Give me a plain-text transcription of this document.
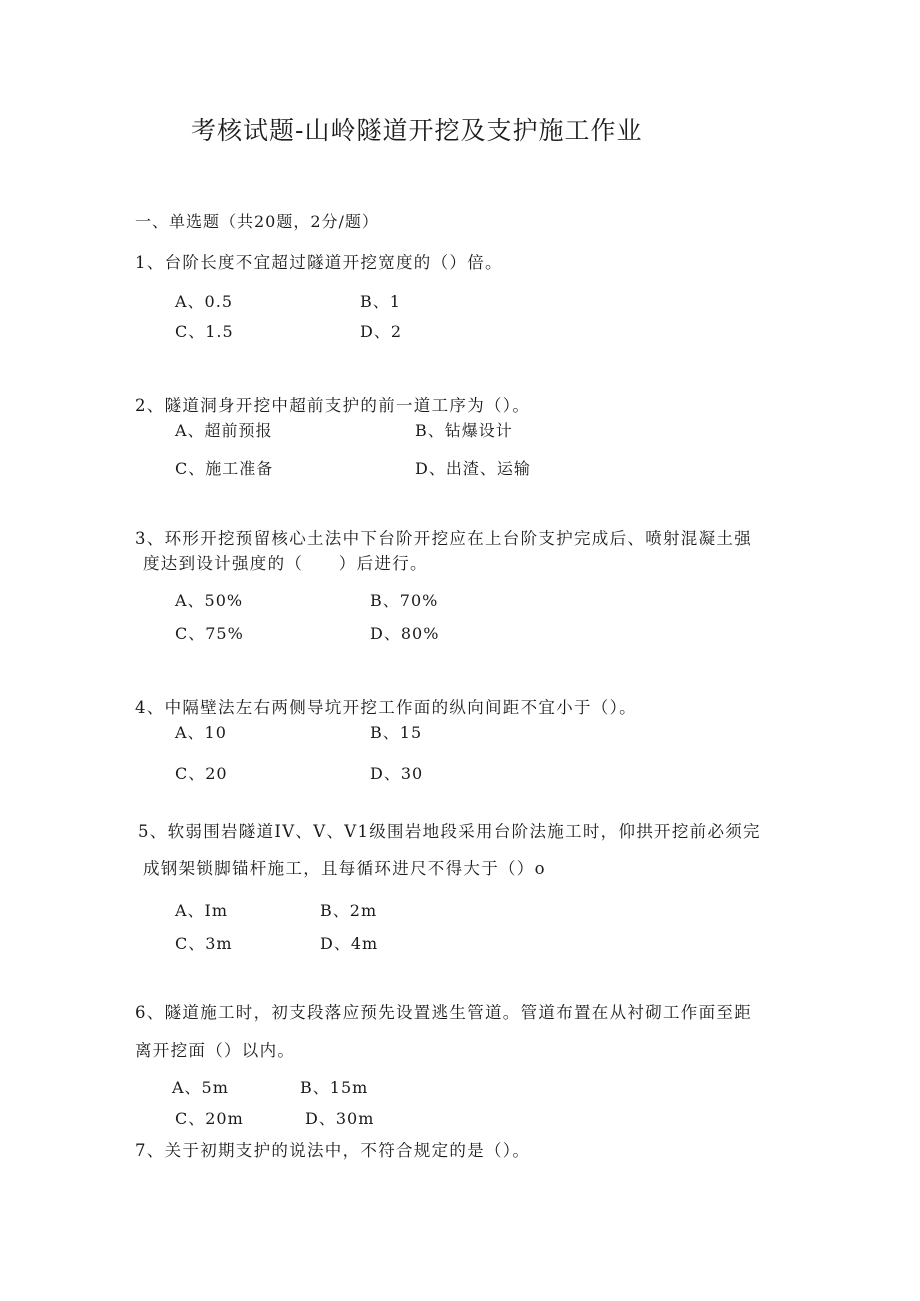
考核试题-山岭隧道开挖及支护施工作业
一、单选题（共20题，2分/题）
1、台阶长度不宜超过隧道开挖宽度的（）倍。
A、0.5	B、1
C、1.5	D、2
2、隧道洞身开挖中超前支护的前一道工序为（）。
A、超前预报	B、钻爆设计
C、施工准备	D、出渣、运输
3、环形开挖预留核心土法中下台阶开挖应在上台阶支护完成后、喷射混凝土强
度达到设计强度的（　　）后进行。
A、50%	B、70%
C、75%	D、80%
4、中隔壁法左右两侧导坑开挖工作面的纵向间距不宜小于（）。
A、10	B、15
C、20	D、30
5、软弱围岩隧道IV、V、V1级围岩地段采用台阶法施工时，仰拱开挖前必须完
成钢架锁脚锚杆施工，且每循环进尺不得大于（）o
A、Im	B、2m
C、3m	D、4m
6、隧道施工时，初支段落应预先设置逃生管道。管道布置在从衬砌工作面至距
离开挖面（）以内。
A、5m	B、15m
C、20m	D、30m
7、关于初期支护的说法中，不符合规定的是（）。
